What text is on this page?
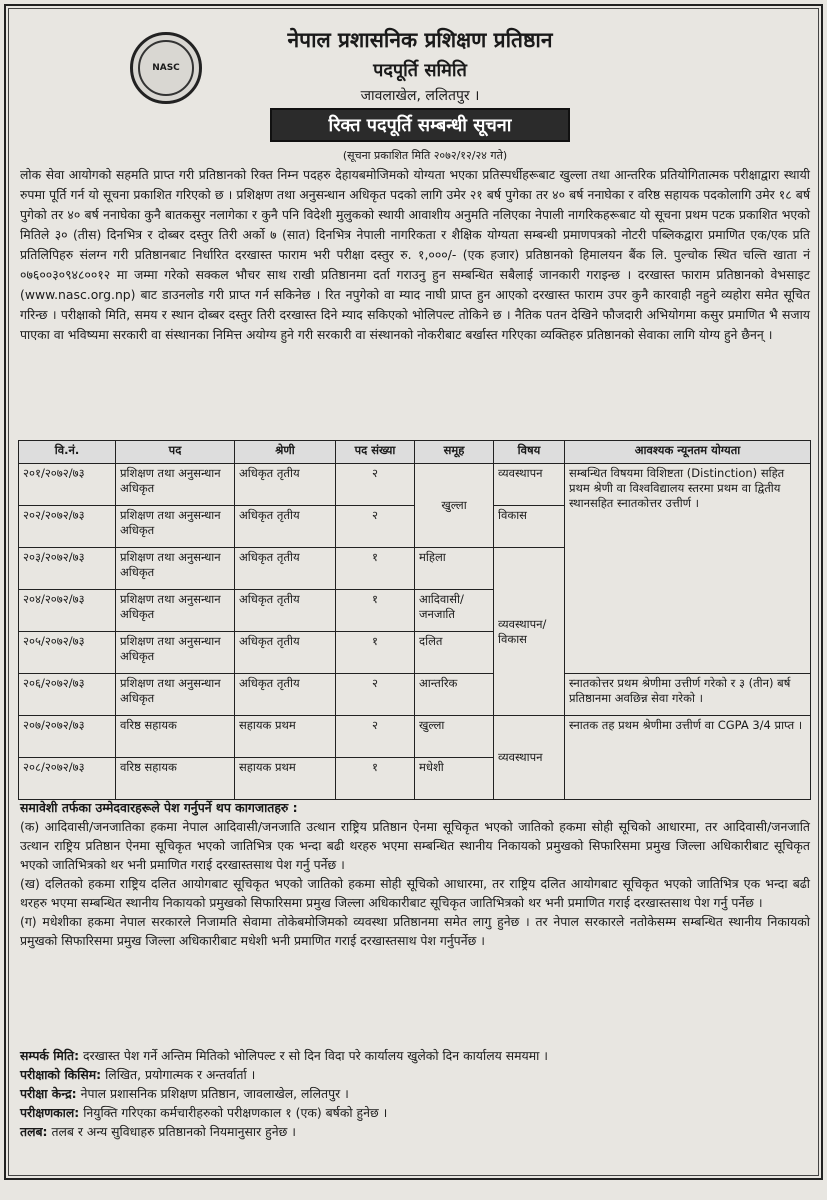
NASC
नेपाल प्रशासनिक प्रशिक्षण प्रतिष्ठान
पदपूर्ति समिति
जावलाखेल, ललितपुर ।
रिक्त पदपूर्ति सम्बन्धी सूचना
(सूचना प्रकाशित मिति २०७२/१२/२४ गते)
लोक सेवा आयोगको सहमति प्राप्त गरी प्रतिष्ठानको रिक्त निम्न पदहरु देहायबमोजिमको योग्यता भएका प्रतिस्पर्धीहरूबाट खुल्ला तथा आन्तरिक प्रतियोगितात्मक परीक्षाद्वारा स्थायी रुपमा पूर्ति गर्न यो सूचना प्रकाशित गरिएको छ । प्रशिक्षण तथा अनुसन्धान अधिकृत पदको लागि उमेर २१ बर्ष पुगेका तर ४० बर्ष ननाघेका र वरिष्ठ सहायक पदकोलागि उमेर १८ बर्ष पुगेको तर ४० बर्ष ननाघेका कुनै बातकसुर नलागेका र कुनै पनि विदेशी मुलुकको स्थायी आवाशीय अनुमति नलिएका नेपाली नागरिकहरूबाट यो सूचना प्रथम पटक प्रकाशित भएको मितिले ३० (तीस) दिनभित्र र दोब्बर दस्तुर तिरी अर्को ७ (सात) दिनभित्र नेपाली नागरिकता र शैक्षिक योग्यता सम्बन्धी प्रमाणपत्रको नोटरी पब्लिकद्वारा प्रमाणित एक/एक प्रति प्रतिलिपिहरु संलग्न गरी प्रतिष्ठानबाट निर्धारित दरखास्त फाराम भरी परीक्षा दस्तुर रु. १,०००/- (एक हजार) प्रतिष्ठानको हिमालयन बैंक लि. पुल्चोक स्थित चल्ति खाता नं ०७६००३०९४८००१२ मा जम्मा गरेको सक्कल भौचर साथ राखी प्रतिष्ठानमा दर्ता गराउनु हुन सम्बन्धित सबैलाई जानकारी गराइन्छ । दरखास्त फाराम प्रतिष्ठानको वेभसाइट (www.nasc.org.np) बाट डाउनलोड गरी प्राप्त गर्न सकिनेछ । रित नपुगेको वा म्याद नाघी प्राप्त हुन आएको दरखास्त फाराम उपर कुनै कारवाही नहुने व्यहोरा समेत सूचित गरिन्छ । परीक्षाको मिति, समय र स्थान दोब्बर दस्तुर तिरी दरखास्त दिने म्याद सकिएको भोलिपल्ट तोकिने छ । नैतिक पतन देखिने फौजदारी अभियोगमा कसुर प्रमाणित भै सजाय पाएका वा भविष्यमा सरकारी वा संस्थानका निमित्त अयोग्य हुने गरी सरकारी वा संस्थानको नोकरीबाट बर्खास्त गरिएका व्यक्तिहरु प्रतिष्ठानको सेवाका लागि योग्य हुने छैनन् ।
वि.नं.	पद	श्रेणी	पद संख्या	समूह	विषय	आवश्यक न्यूनतम योग्यता
२०१/२०७२/७३	प्रशिक्षण तथा अनुसन्धान अधिकृत	अधिकृत तृतीय	२	खुल्ला	व्यवस्थापन	सम्बन्धित विषयमा विशिष्टता (Distinction) सहित प्रथम श्रेणी वा विश्वविद्यालय स्तरमा प्रथम वा द्वितीय स्थानसहित स्नातकोत्तर उत्तीर्ण ।
२०२/२०७२/७३	प्रशिक्षण तथा अनुसन्धान अधिकृत	अधिकृत तृतीय	२		विकास	
२०३/२०७२/७३	प्रशिक्षण तथा अनुसन्धान अधिकृत	अधिकृत तृतीय	१	महिला	व्यवस्थापन/विकास	
२०४/२०७२/७३	प्रशिक्षण तथा अनुसन्धान अधिकृत	अधिकृत तृतीय	१	आदिवासी/जनजाति		
२०५/२०७२/७३	प्रशिक्षण तथा अनुसन्धान अधिकृत	अधिकृत तृतीय	१	दलित		
२०६/२०७२/७३	प्रशिक्षण तथा अनुसन्धान अधिकृत	अधिकृत तृतीय	२	आन्तरिक		स्नातकोत्तर प्रथम श्रेणीमा उत्तीर्ण गरेको र ३ (तीन) बर्ष प्रतिष्ठानमा अवछिन्न सेवा गरेको ।
२०७/२०७२/७३	वरिष्ठ सहायक	सहायक प्रथम	२	खुल्ला	व्यवस्थापन	स्नातक तह प्रथम श्रेणीमा उत्तीर्ण वा CGPA 3/4 प्राप्त ।
२०८/२०७२/७३	वरिष्ठ सहायक	सहायक प्रथम	१	मधेशी		
समावेशी तर्फका उम्मेदवारहरूले पेश गर्नुपर्ने थप कागजातहरु :
(क) आदिवासी/जनजातिका हकमा नेपाल आदिवासी/जनजाति उत्थान राष्ट्रिय प्रतिष्ठान ऐनमा सूचिकृत भएको जातिको हकमा सोही सूचिको आधारमा, तर आदिवासी/जनजाति उत्थान राष्ट्रिय प्रतिष्ठान ऐनमा सूचिकृत भएको जातिभित्र एक भन्दा बढी थरहरु भएमा सम्बन्धित स्थानीय निकायको प्रमुखको सिफारिसमा प्रमुख जिल्ला अधिकारीबाट सूचिकृत भएको जातिभित्रको थर भनी प्रमाणित गराई दरखास्तसाथ पेश गर्नु पर्नेछ ।
(ख) दलितको हकमा राष्ट्रिय दलित आयोगबाट सूचिकृत भएको जातिको हकमा सोही सूचिको आधारमा, तर राष्ट्रिय दलित आयोगबाट सूचिकृत भएको जातिभित्र एक भन्दा बढी थरहरु भएमा सम्बन्धित स्थानीय निकायको प्रमुखको सिफारिसमा प्रमुख जिल्ला अधिकारीबाट सूचिकृत जातिभित्रको थर भनी प्रमाणित गराई दरखास्तसाथ पेश गर्नु पर्नेछ ।
(ग) मधेशीका हकमा नेपाल सरकारले निजामति सेवामा तोकेबमोजिमको व्यवस्था प्रतिष्ठानमा समेत लागु हुनेछ । तर नेपाल सरकारले नतोकेसम्म सम्बन्धित स्थानीय निकायको प्रमुखको सिफारिसमा प्रमुख जिल्ला अधिकारीबाट मधेशी भनी प्रमाणित गराई दरखास्तसाथ पेश गर्नुपर्नेछ ।
सम्पर्क मिति: दरखास्त पेश गर्ने अन्तिम मितिको भोलिपल्ट र सो दिन विदा परे कार्यालय खुलेको दिन कार्यालय समयमा ।
परीक्षाको किसिम: लिखित, प्रयोगात्मक र अन्तर्वार्ता ।
परीक्षा केन्द्र: नेपाल प्रशासनिक प्रशिक्षण प्रतिष्ठान, जावलाखेल, ललितपुर ।
परीक्षणकाल: नियुक्ति गरिएका कर्मचारीहरुको परीक्षणकाल १ (एक) बर्षको हुनेछ ।
तलब: तलब र अन्य सुविधाहरु प्रतिष्ठानको नियमानुसार हुनेछ ।
